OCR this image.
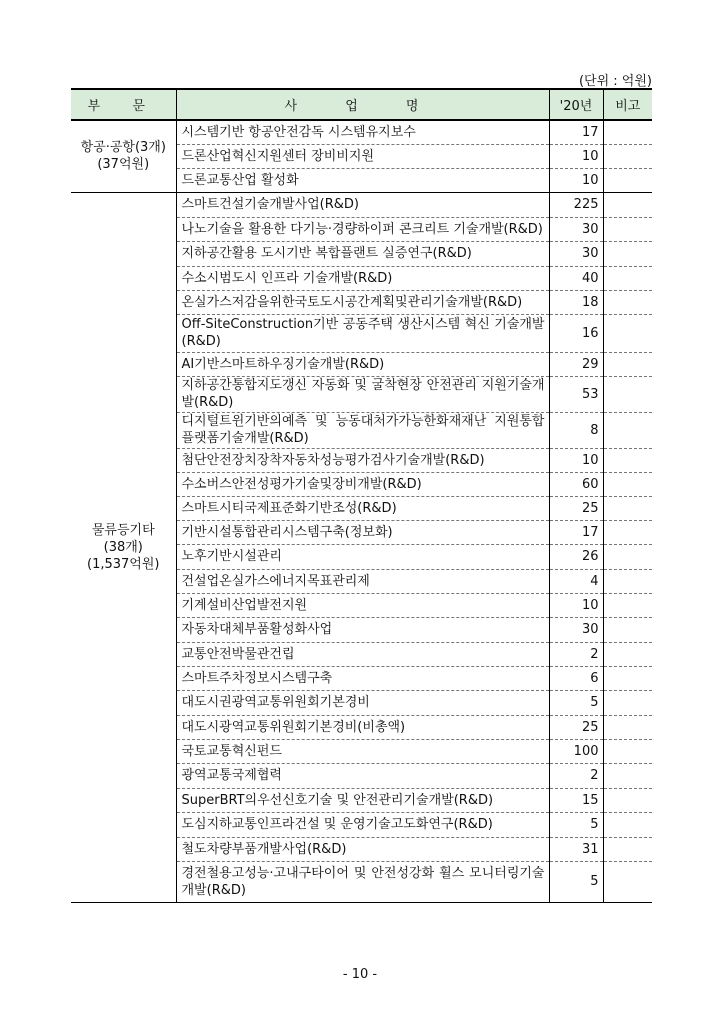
(단위 : 억원)
부 문	사 업 명	'20년	비고

항공·공항(3개)
(37억원)	시스템기반 항공안전감독 시스템유지보수	17	
	드론산업혁신지원센터 장비비지원	10	
	드론교통산업 활성화	10	

물류등기타
(38개)
(1,537억원)	스마트건설기술개발사업(R&D)	225	
	나노기술을 활용한 다기능·경량하이퍼 콘크리트 기술개발(R&D)	30	
	지하공간활용 도시기반 복합플랜트 실증연구(R&D)	30	
	수소시범도시 인프라 기술개발(R&D)	40	
	온실가스저감을위한국토도시공간계획및관리기술개발(R&D)	18	
	Off-SiteConstruction기반 공동주택 생산시스템 혁신 기술개발(R&D)	16	
	AI기반스마트하우징기술개발(R&D)	29	
	지하공간통합지도갱신 자동화 및 굴착현장 안전관리 지원기술개발(R&D)	53	
	디지털트윈기반의예측 및 능동대처가가능한화재재난 지원통합플랫폼기술개발(R&D)	8	
	첨단안전장치장착자동차성능평가검사기술개발(R&D)	10	
	수소버스안전성평가기술및장비개발(R&D)	60	
	스마트시티국제표준화기반조성(R&D)	25	
	기반시설통합관리시스템구축(정보화)	17	
	노후기반시설관리	26	
	건설업온실가스에너지목표관리제	4	
	기계설비산업발전지원	10	
	자동차대체부품활성화사업	30	
	교통안전박물관건립	2	
	스마트주차정보시스템구축	6	
	대도시권광역교통위원회기본경비	5	
	대도시광역교통위원회기본경비(비총액)	25	
	국토교통혁신펀드	100	
	광역교통국제협력	2	
	SuperBRT의우선신호기술 및 안전관리기술개발(R&D)	15	
	도심지하교통인프라건설 및 운영기술고도화연구(R&D)	5	
	철도차량부품개발사업(R&D)	31	
	경전철용고성능·고내구타이어 및 안전성강화 휠스 모니터링기술개발(R&D)	5	
- 10 -
